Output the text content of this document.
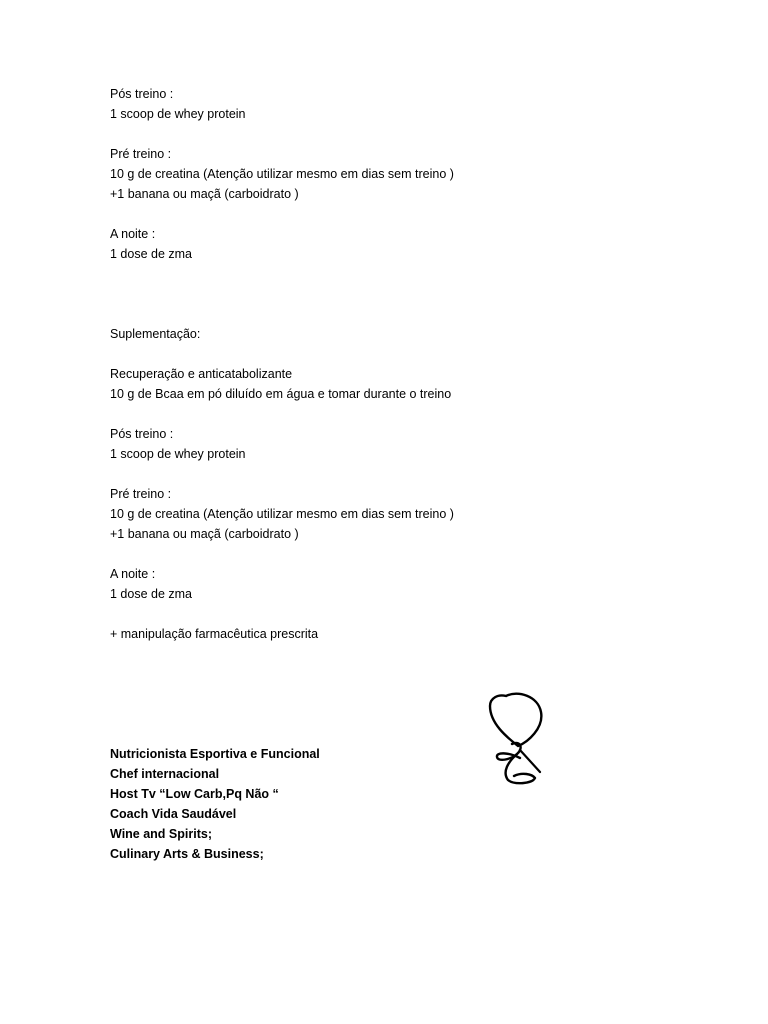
Pós treino :
1 scoop de whey protein
Pré treino :
10 g de creatina (Atenção utilizar mesmo em dias sem treino )
+1 banana ou maçã (carboidrato )
A noite :
1 dose de zma
Suplementação:
Recuperação e anticatabolizante
10 g de Bcaa em pó diluído em água e tomar durante o treino
Pós treino :
1 scoop de whey protein
Pré treino :
10 g de creatina (Atenção utilizar mesmo em dias sem treino )
+1 banana ou maçã (carboidrato )
A noite :
1 dose de zma
+ manipulação farmacêutica prescrita
Nutricionista Esportiva e Funcional
Chef internacional
Host Tv “Low Carb,Pq Não “
Coach Vida Saudável
Wine and Spirits;
Culinary Arts & Business;
